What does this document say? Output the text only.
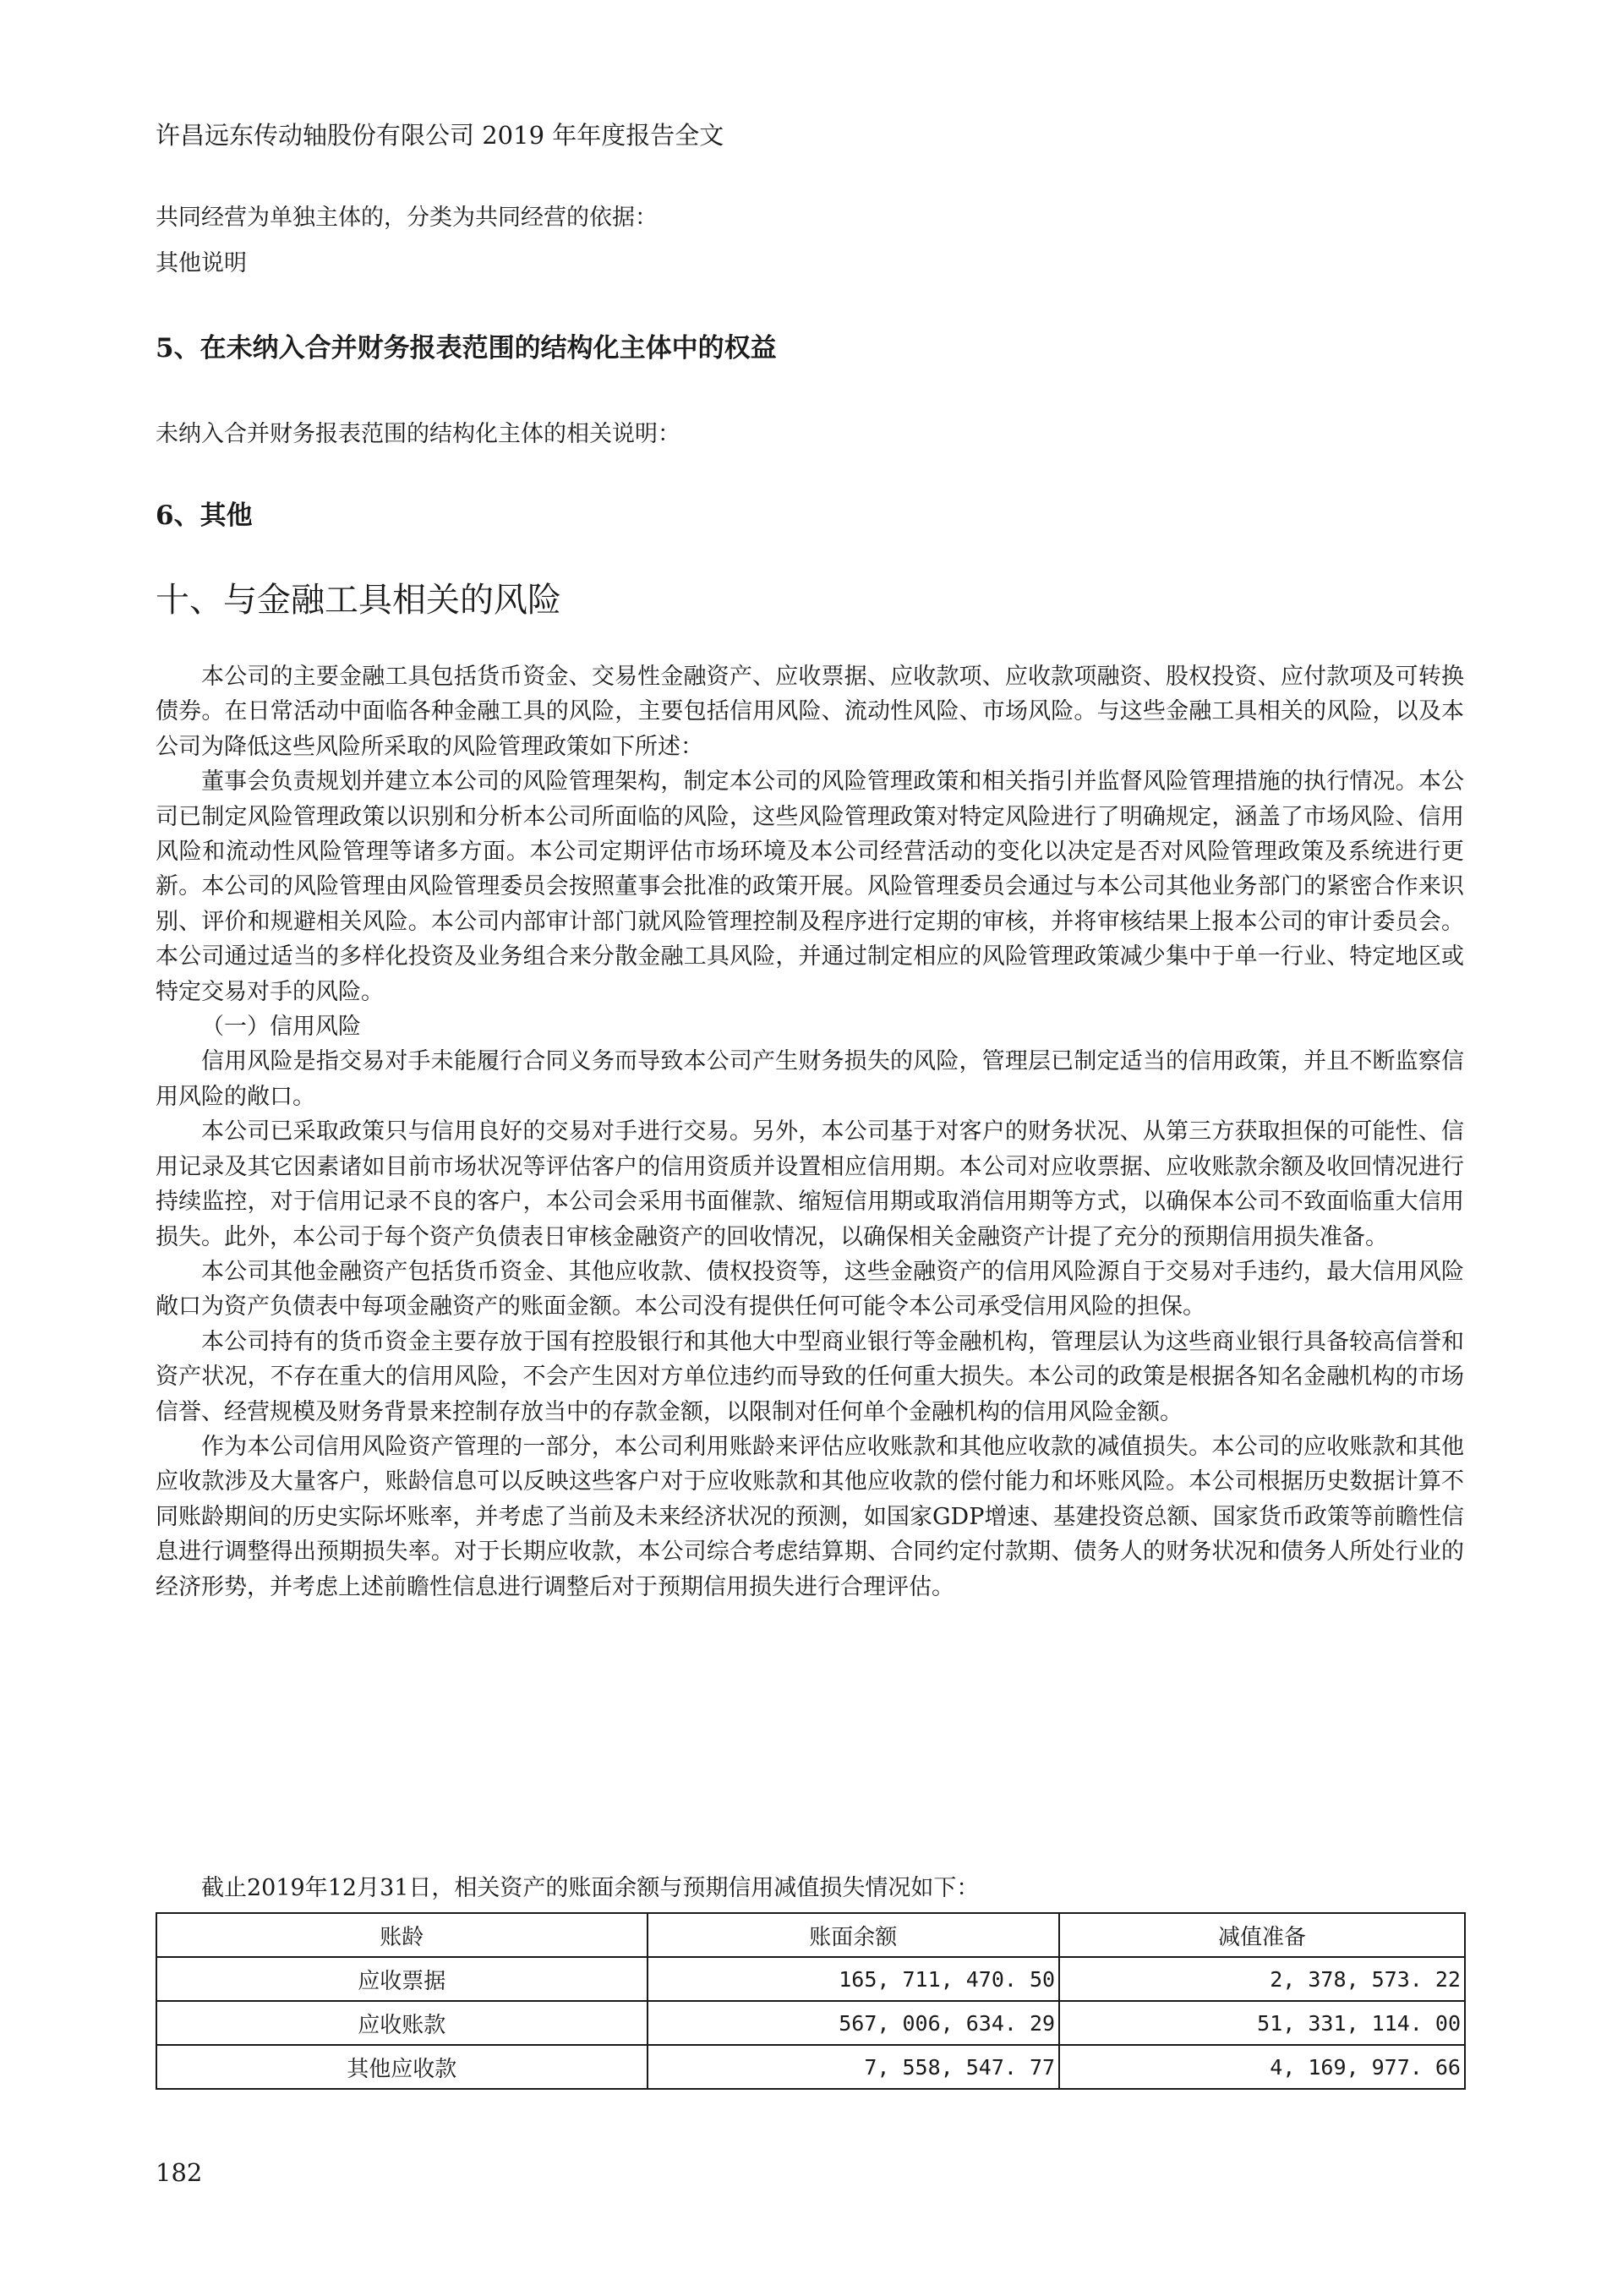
许昌远东传动轴股份有限公司 2019 年年度报告全文
共同经营为单独主体的，分类为共同经营的依据：
其他说明
5、在未纳入合并财务报表范围的结构化主体中的权益
未纳入合并财务报表范围的结构化主体的相关说明：
6、其他
十、与金融工具相关的风险

本公司的主要金融工具包括货币资金、交易性金融资产、应收票据、应收款项、应收款项融资、股权投资、应付款项及可转换债券。在日常活动中面临各种金融工具的风险，主要包括信用风险、流动性风险、市场风险。与这些金融工具相关的风险，以及本公司为降低这些风险所采取的风险管理政策如下所述：

董事会负责规划并建立本公司的风险管理架构，制定本公司的风险管理政策和相关指引并监督风险管理措施的执行情况。本公司已制定风险管理政策以识别和分析本公司所面临的风险，这些风险管理政策对特定风险进行了明确规定，涵盖了市场风险、信用风险和流动性风险管理等诸多方面。本公司定期评估市场环境及本公司经营活动的变化以决定是否对风险管理政策及系统进行更新。本公司的风险管理由风险管理委员会按照董事会批准的政策开展。风险管理委员会通过与本公司其他业务部门的紧密合作来识别、评价和规避相关风险。本公司内部审计部门就风险管理控制及程序进行定期的审核，并将审核结果上报本公司的审计委员会。本公司通过适当的多样化投资及业务组合来分散金融工具风险，并通过制定相应的风险管理政策减少集中于单一行业、特定地区或特定交易对手的风险。

（一）信用风险

信用风险是指交易对手未能履行合同义务而导致本公司产生财务损失的风险，管理层已制定适当的信用政策，并且不断监察信用风险的敞口。

本公司已采取政策只与信用良好的交易对手进行交易。另外，本公司基于对客户的财务状况、从第三方获取担保的可能性、信用记录及其它因素诸如目前市场状况等评估客户的信用资质并设置相应信用期。本公司对应收票据、应收账款余额及收回情况进行持续监控，对于信用记录不良的客户，本公司会采用书面催款、缩短信用期或取消信用期等方式，以确保本公司不致面临重大信用损失。此外，本公司于每个资产负债表日审核金融资产的回收情况，以确保相关金融资产计提了充分的预期信用损失准备。

本公司其他金融资产包括货币资金、其他应收款、债权投资等，这些金融资产的信用风险源自于交易对手违约，最大信用风险敞口为资产负债表中每项金融资产的账面金额。本公司没有提供任何可能令本公司承受信用风险的担保。

本公司持有的货币资金主要存放于国有控股银行和其他大中型商业银行等金融机构，管理层认为这些商业银行具备较高信誉和资产状况，不存在重大的信用风险，不会产生因对方单位违约而导致的任何重大损失。本公司的政策是根据各知名金融机构的市场信誉、经营规模及财务背景来控制存放当中的存款金额，以限制对任何单个金融机构的信用风险金额。

作为本公司信用风险资产管理的一部分，本公司利用账龄来评估应收账款和其他应收款的减值损失。本公司的应收账款和其他应收款涉及大量客户，账龄信息可以反映这些客户对于应收账款和其他应收款的偿付能力和坏账风险。本公司根据历史数据计算不同账龄期间的历史实际坏账率，并考虑了当前及未来经济状况的预测，如国家GDP增速、基建投资总额、国家货币政策等前瞻性信息进行调整得出预期损失率。对于长期应收款，本公司综合考虑结算期、合同约定付款期、债务人的财务状况和债务人所处行业的经济形势，并考虑上述前瞻性信息进行调整后对于预期信用损失进行合理评估。

截止2019年12月31日，相关资产的账面余额与预期信用减值损失情况如下：
账龄	账面余额	减值准备
应收票据	165, 711, 470. 50	2, 378, 573. 22
应收账款	567, 006, 634. 29	51, 331, 114. 00
其他应收款	7, 558, 547. 77	4, 169, 977. 66
182
